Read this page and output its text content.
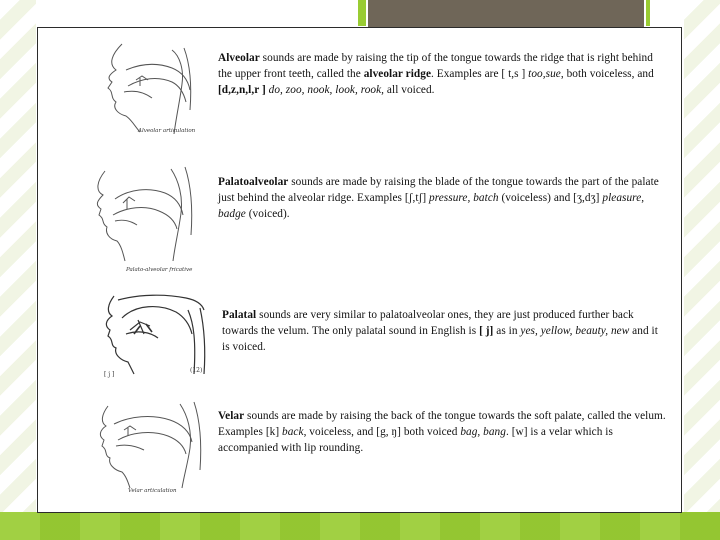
Alveolar articulation

Alveolar sounds are made by raising the tip of the tongue towards the ridge that is right behind the upper front teeth, called the alveolar ridge. Examples are [ t,s ] too,sue, both voiceless, and [d,z,n,l,r ] do, zoo, nook, look, rook, all voiced.

Palato-alveolar fricative

Palatoalveolar sounds are made by raising the blade of the tongue towards the part of the palate just behind the alveolar ridge. Examples [ʃ,tʃ] pressure, batch (voiceless) and [ʒ,dʒ] pleasure, badge (voiced).

[ j ]
(12)

Palatal sounds are very similar to palatoalveolar ones, they are just produced further back towards the velum. The only palatal sound in English is [ j] as in yes, yellow, beauty, new and it is voiced.

Velar articulation

Velar sounds are made by raising the back of the tongue towards the soft palate, called the velum. Examples [k] back, voiceless, and [g, ŋ] both voiced bag, bang. [w] is a velar which is accompanied with lip rounding.
